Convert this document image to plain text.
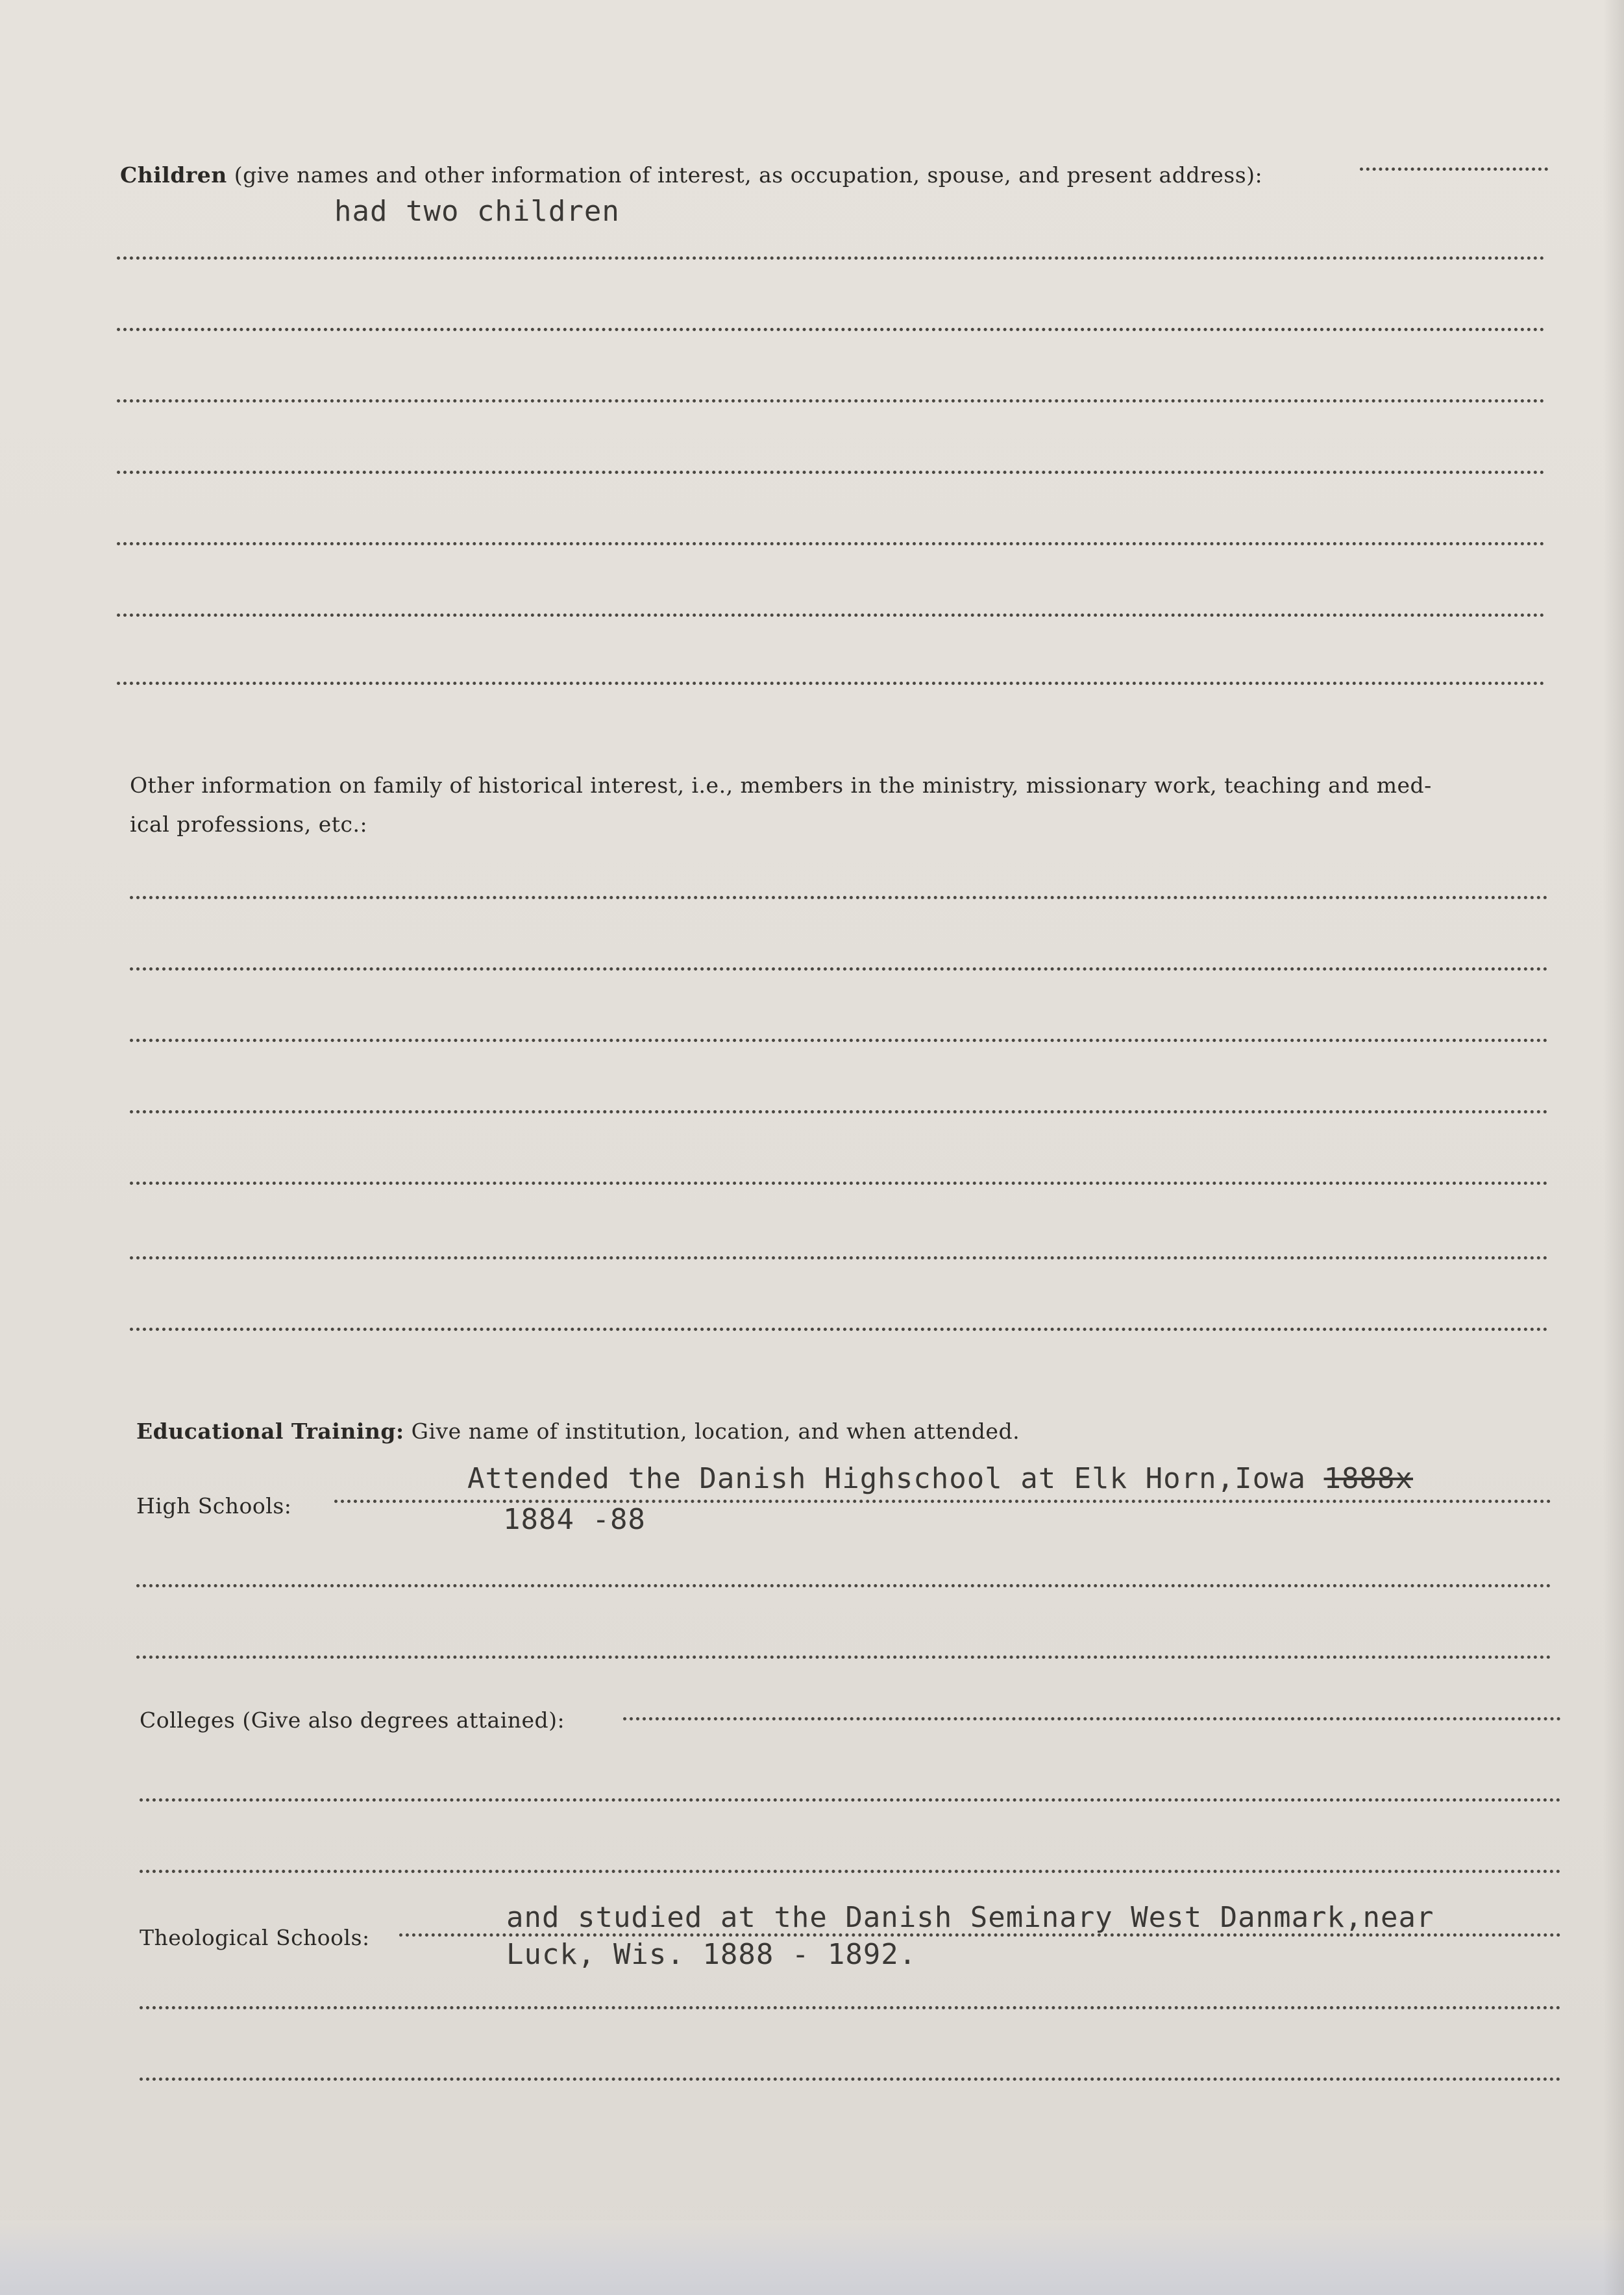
Children (give names and other information of interest, as occupation, spouse, and present address):
had two children
Other information on family of historical interest, i.e., members in the ministry, missionary work, teaching and med-
ical professions, etc.:
Educational Training: Give name of institution, location, and when attended.
High Schools:
Attended the Danish Highschool at Elk Horn,Iowa 1888x
1884 -88
Colleges (Give also degrees attained):
Theological Schools:
and studied at the Danish Seminary West Danmark,near
Luck, Wis. 1888 - 1892.
